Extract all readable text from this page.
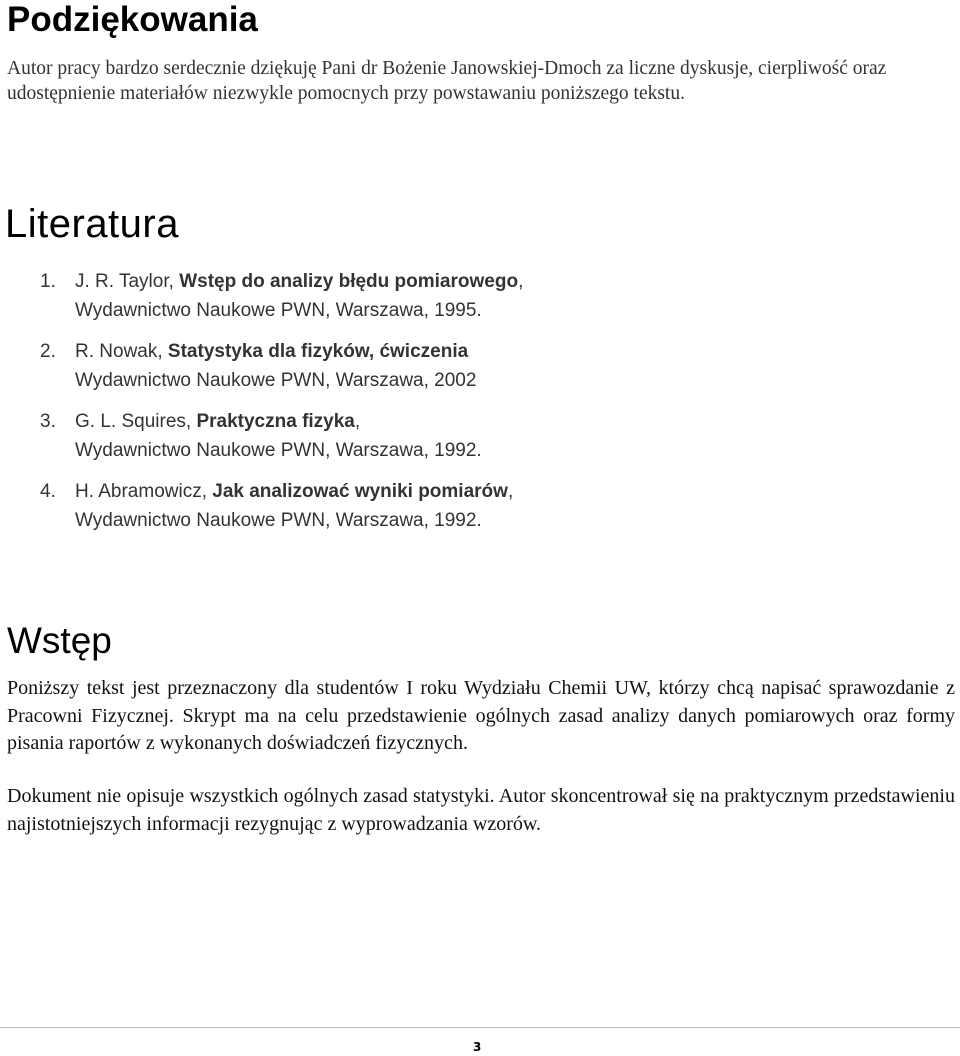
Podziękowania

Autor pracy bardzo serdecznie dziękuję Pani dr Bożenie Janowskiej-Dmoch za liczne dyskusje, cierpliwość oraz udostępnienie materiałów niezwykle pomocnych przy powstawaniu poniższego tekstu.

Literatura
1. J. R. Taylor, Wstęp do analizy błędu pomiarowego,
Wydawnictwo Naukowe PWN, Warszawa, 1995.
2. R. Nowak, Statystyka dla fizyków, ćwiczenia
Wydawnictwo Naukowe PWN, Warszawa, 2002
3. G. L. Squires, Praktyczna fizyka,
Wydawnictwo Naukowe PWN, Warszawa, 1992.
4. H. Abramowicz, Jak analizować wyniki pomiarów,
Wydawnictwo Naukowe PWN, Warszawa, 1992.
Wstęp

Poniższy tekst jest przeznaczony dla studentów I roku Wydziału Chemii UW, którzy chcą napisać sprawozdanie z Pracowni Fizycznej. Skrypt ma na celu przedstawienie ogólnych zasad analizy danych pomiarowych oraz formy pisania raportów z wykonanych doświadczeń fizycznych.

Dokument nie opisuje wszystkich ogólnych zasad statystyki. Autor skoncentrował się na praktycznym przedstawieniu najistotniejszych informacji rezygnując z wyprowadzania wzorów.

3
